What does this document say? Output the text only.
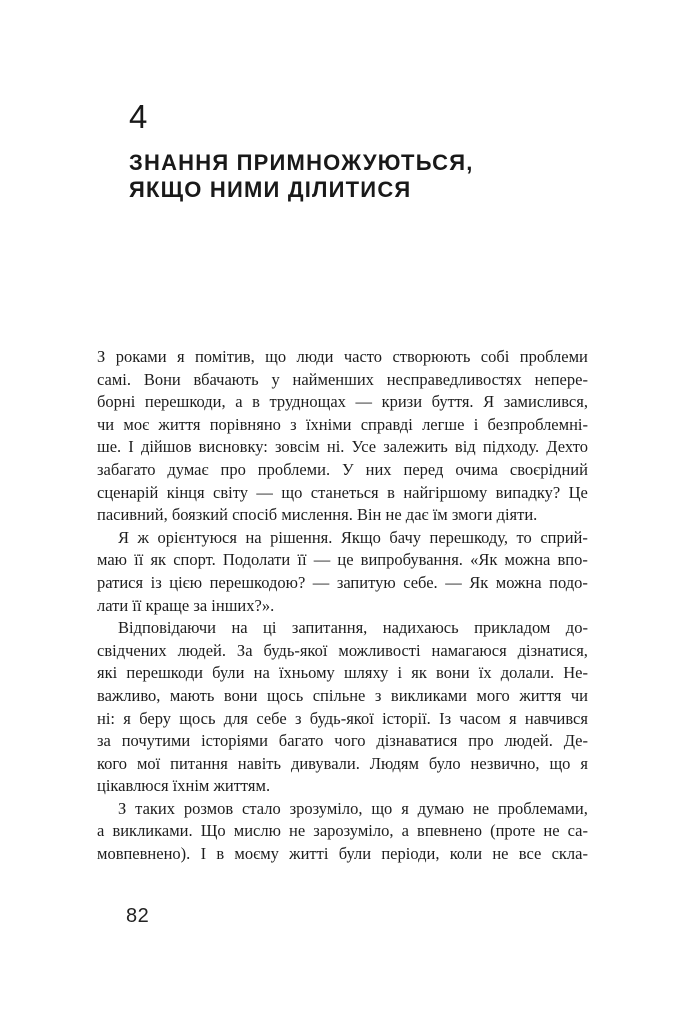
4
ЗНАННЯ ПРИМНОЖУЮТЬСЯ,
ЯКЩО НИМИ ДІЛИТИСЯ
З роками я помітив, що люди часто створюють собі проблеми
самі. Вони вбачають у найменших несправедливостях непере-
борні перешкоди, а в труднощах — кризи буття. Я замислився,
чи моє життя порівняно з їхніми справді легше і безпроблемні-
ше. І дійшов висновку: зовсім ні. Усе залежить від підходу. Дехто
забагато думає про проблеми. У них перед очима своєрідний
сценарій кінця світу — що станеться в найгіршому випадку? Це
пасивний, боязкий спосіб мислення. Він не дає їм змоги діяти.
Я ж орієнтуюся на рішення. Якщо бачу перешкоду, то сприй-
маю її як спорт. Подолати її — це випробування. «Як можна впо-
ратися із цією перешкодою? — запитую себе. — Як можна подо-
лати її краще за інших?».
Відповідаючи на ці запитання, надихаюсь прикладом до-
свідчених людей. За будь-якої можливості намагаюся дізнатися,
які перешкоди були на їхньому шляху і як вони їх долали. Не-
важливо, мають вони щось спільне з викликами мого життя чи
ні: я беру щось для себе з будь-якої історії. Із часом я навчився
за почутими історіями багато чого дізнаватися про людей. Де-
кого мої питання навіть дивували. Людям було незвично, що я
цікавлюся їхнім життям.
З таких розмов стало зрозуміло, що я думаю не проблемами,
а викликами. Що мислю не зарозуміло, а впевнено (проте не са-
мовпевнено). І в моєму житті були періоди, коли не все скла-
82
